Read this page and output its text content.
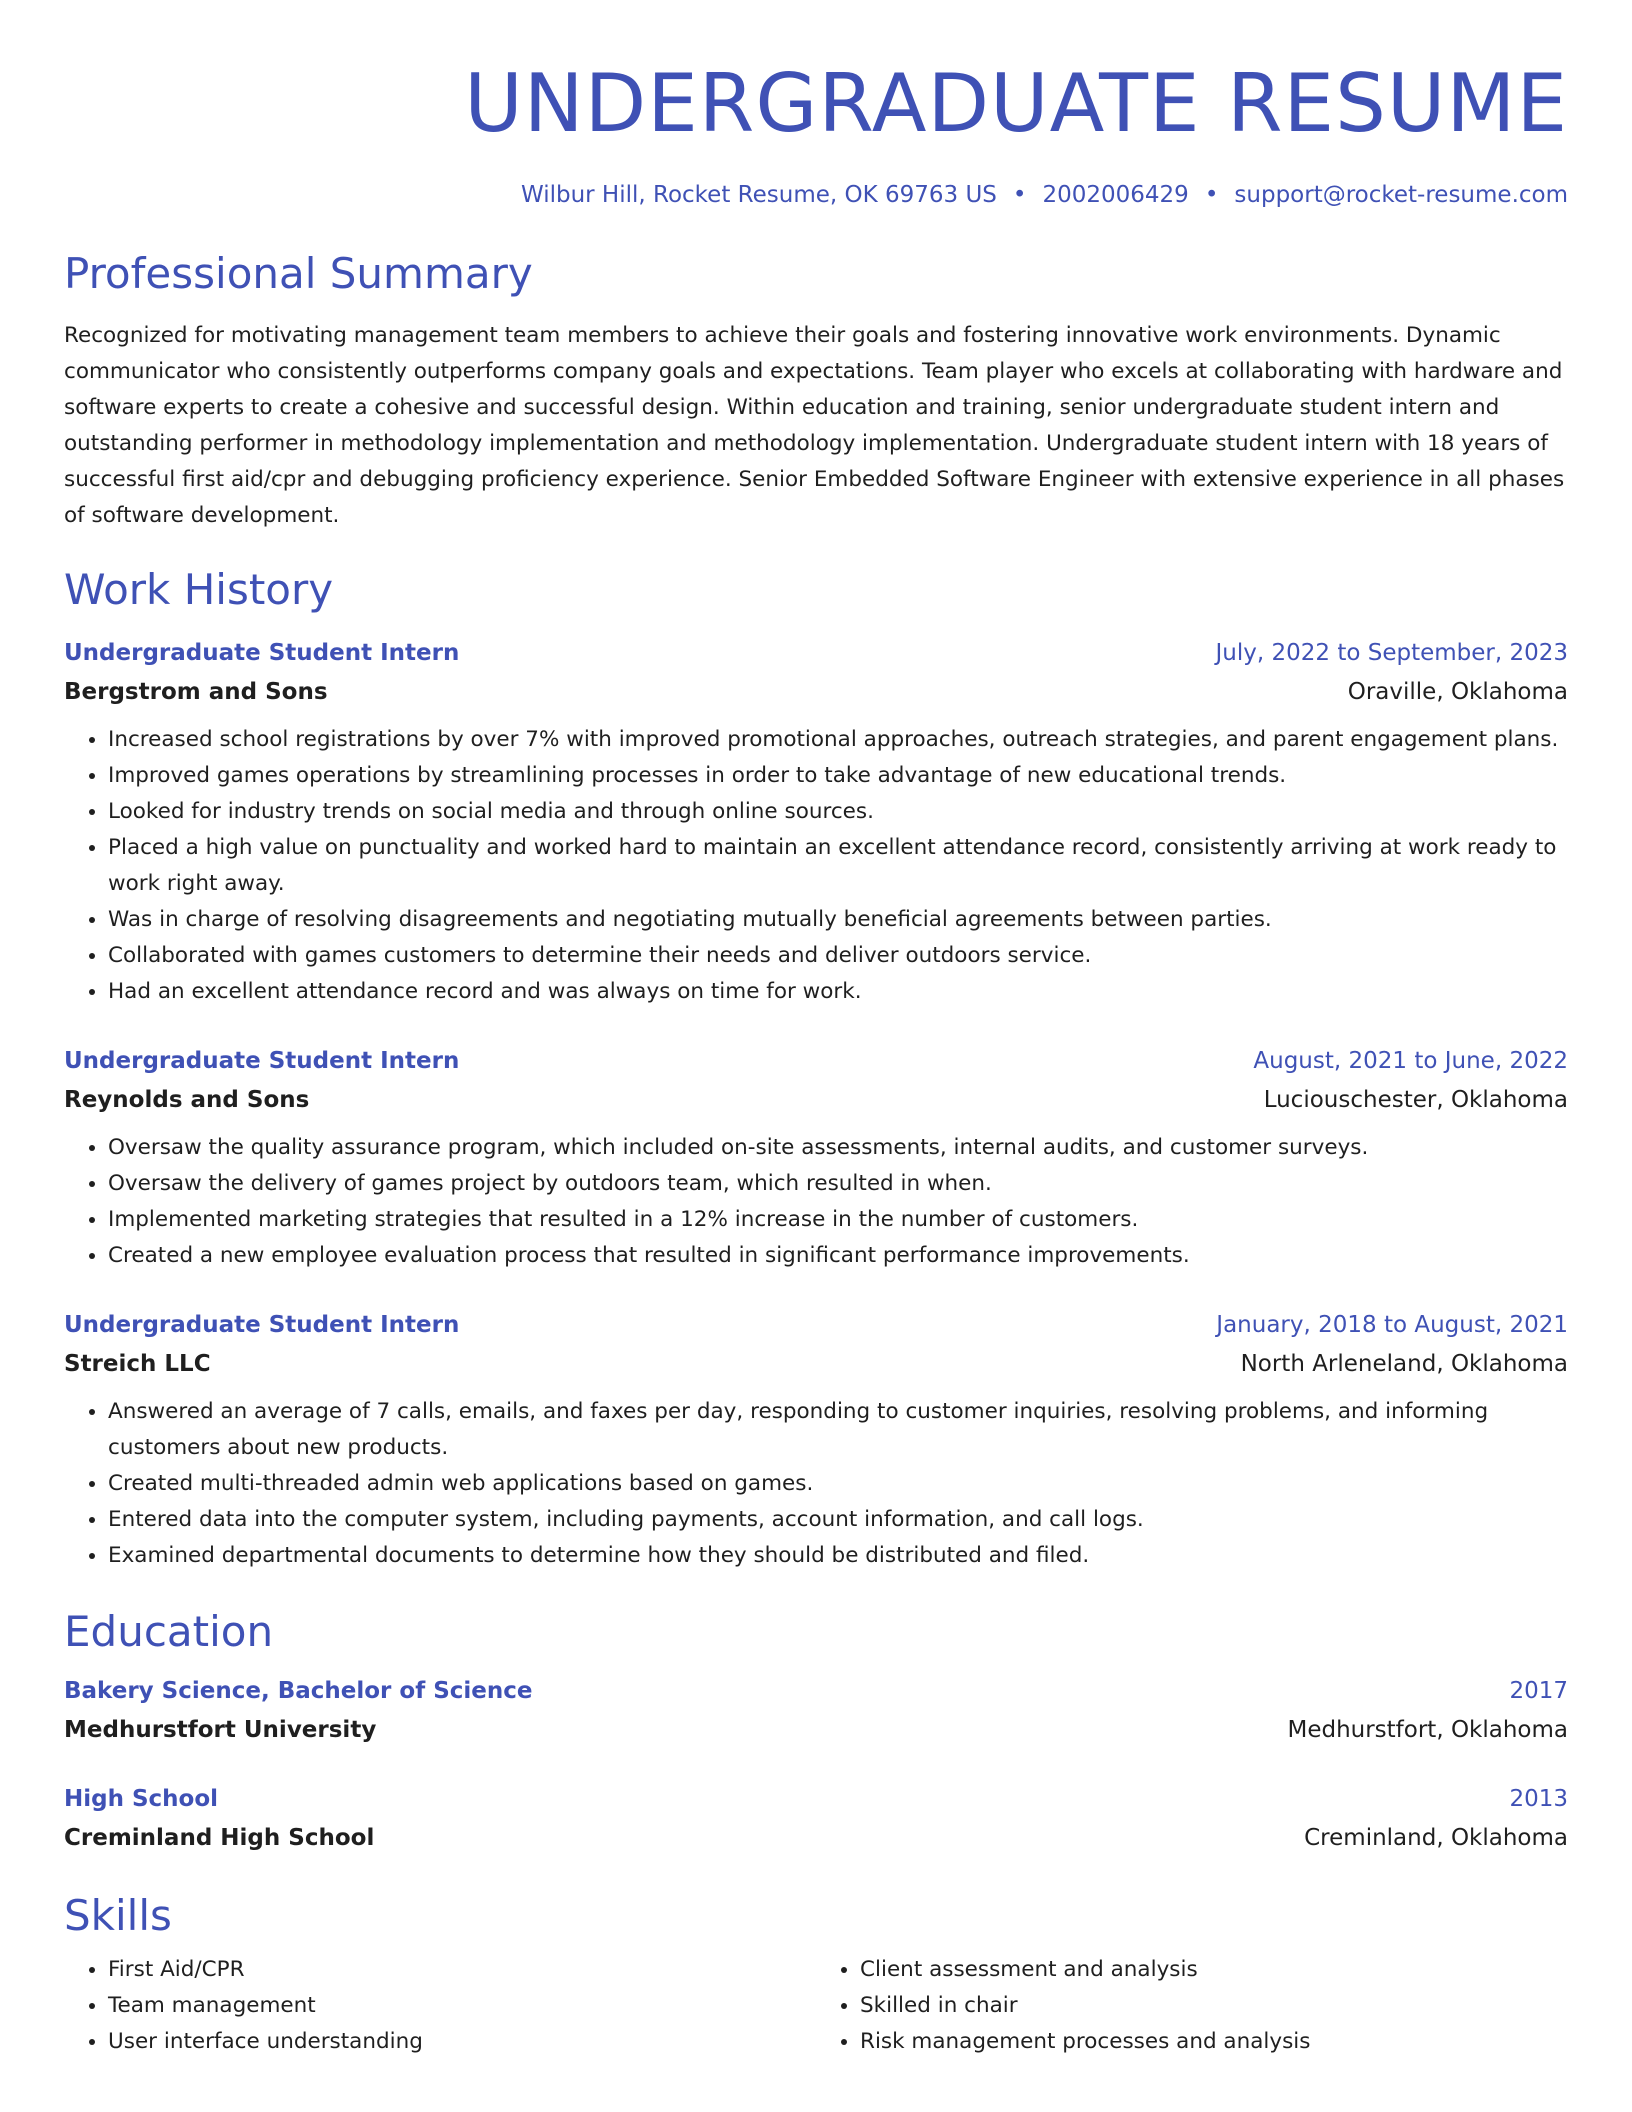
UNDERGRADUATE RESUME
Wilbur Hill, Rocket Resume, OK 69763 US • 2002006429 • support@rocket-resume.com
Professional Summary

Recognized for motivating management team members to achieve their goals and fostering innovative work environments. Dynamic communicator who consistently outperforms company goals and expectations. Team player who excels at collaborating with hardware and software experts to create a cohesive and successful design. Within education and training, senior undergraduate student intern and outstanding performer in methodology implementation and methodology implementation. Undergraduate student intern with 18 years of successful first aid/cpr and debugging proficiency experience. Senior Embedded Software Engineer with extensive experience in all phases of software development.

Work History
Undergraduate Student Intern	July, 2022 to September, 2023
Bergstrom and Sons	Oraville, Oklahoma
• Increased school registrations by over 7% with improved promotional approaches, outreach strategies, and parent engagement plans.
• Improved games operations by streamlining processes in order to take advantage of new educational trends.
• Looked for industry trends on social media and through online sources.
• Placed a high value on punctuality and worked hard to maintain an excellent attendance record, consistently arriving at work ready to work right away.
• Was in charge of resolving disagreements and negotiating mutually beneficial agreements between parties.
• Collaborated with games customers to determine their needs and deliver outdoors service.
• Had an excellent attendance record and was always on time for work.
Undergraduate Student Intern	August, 2021 to June, 2022
Reynolds and Sons	Luciouschester, Oklahoma
• Oversaw the quality assurance program, which included on-site assessments, internal audits, and customer surveys.
• Oversaw the delivery of games project by outdoors team, which resulted in when.
• Implemented marketing strategies that resulted in a 12% increase in the number of customers.
• Created a new employee evaluation process that resulted in significant performance improvements.
Undergraduate Student Intern	January, 2018 to August, 2021
Streich LLC	North Arleneland, Oklahoma
• Answered an average of 7 calls, emails, and faxes per day, responding to customer inquiries, resolving problems, and informing customers about new products.
• Created multi-threaded admin web applications based on games.
• Entered data into the computer system, including payments, account information, and call logs.
• Examined departmental documents to determine how they should be distributed and filed.
Education
Bakery Science, Bachelor of Science	2017
Medhurstfort University	Medhurstfort, Oklahoma
High School	2013
Creminland High School	Creminland, Oklahoma
Skills
• First Aid/CPR
• Team management
• User interface understanding
• Client assessment and analysis
• Skilled in chair
• Risk management processes and analysis
